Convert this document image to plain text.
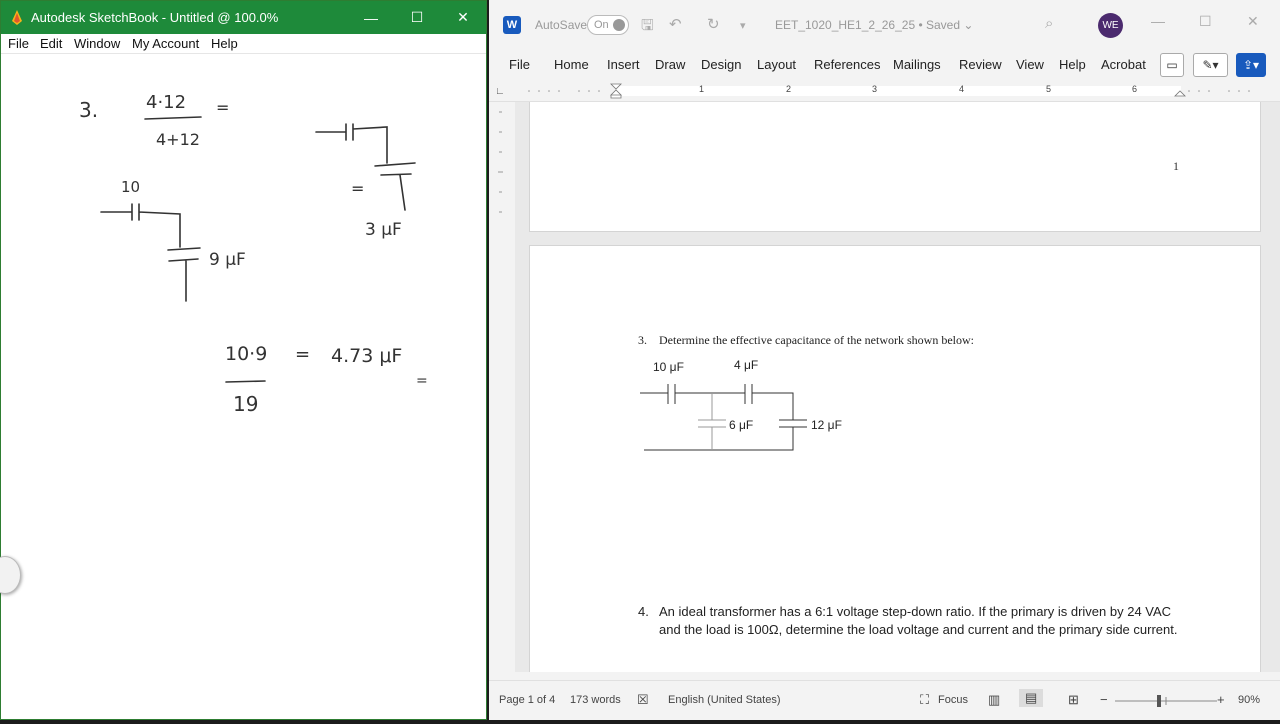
Autodesk SketchBook - Untitled @ 100.0%	—	☐	✕
File Edit Window My Account Help
3.	4·12
4+12
=
10
9 μF
=
3 μF
10·9
19
= 4.73 μF
=
W	AutoSave On 🖫 ↶ ↻ ▾ EET_1020_HE1_2_26_25 • Saved ⌄	⌕	WE	— ☐	✕
File Home Insert Draw Design Layout References Mailings Review View Help Acrobat	▭	✎▾	⇪▾
∟	1	2	3	4	5	6
1
3. Determine the effective capacitance of the network shown below:
10 μF	4 μF
6 μF	12 μF
4. An ideal transformer has a 6:1 voltage step-down ratio. If the primary is driven by 24 VAC and the load is 100Ω, determine the load voltage and current and the primary side current.
Page 1 of 4 173 words ☒ English (United States)	⛶ Focus ▥	▤	⊞ −	+ 90%
